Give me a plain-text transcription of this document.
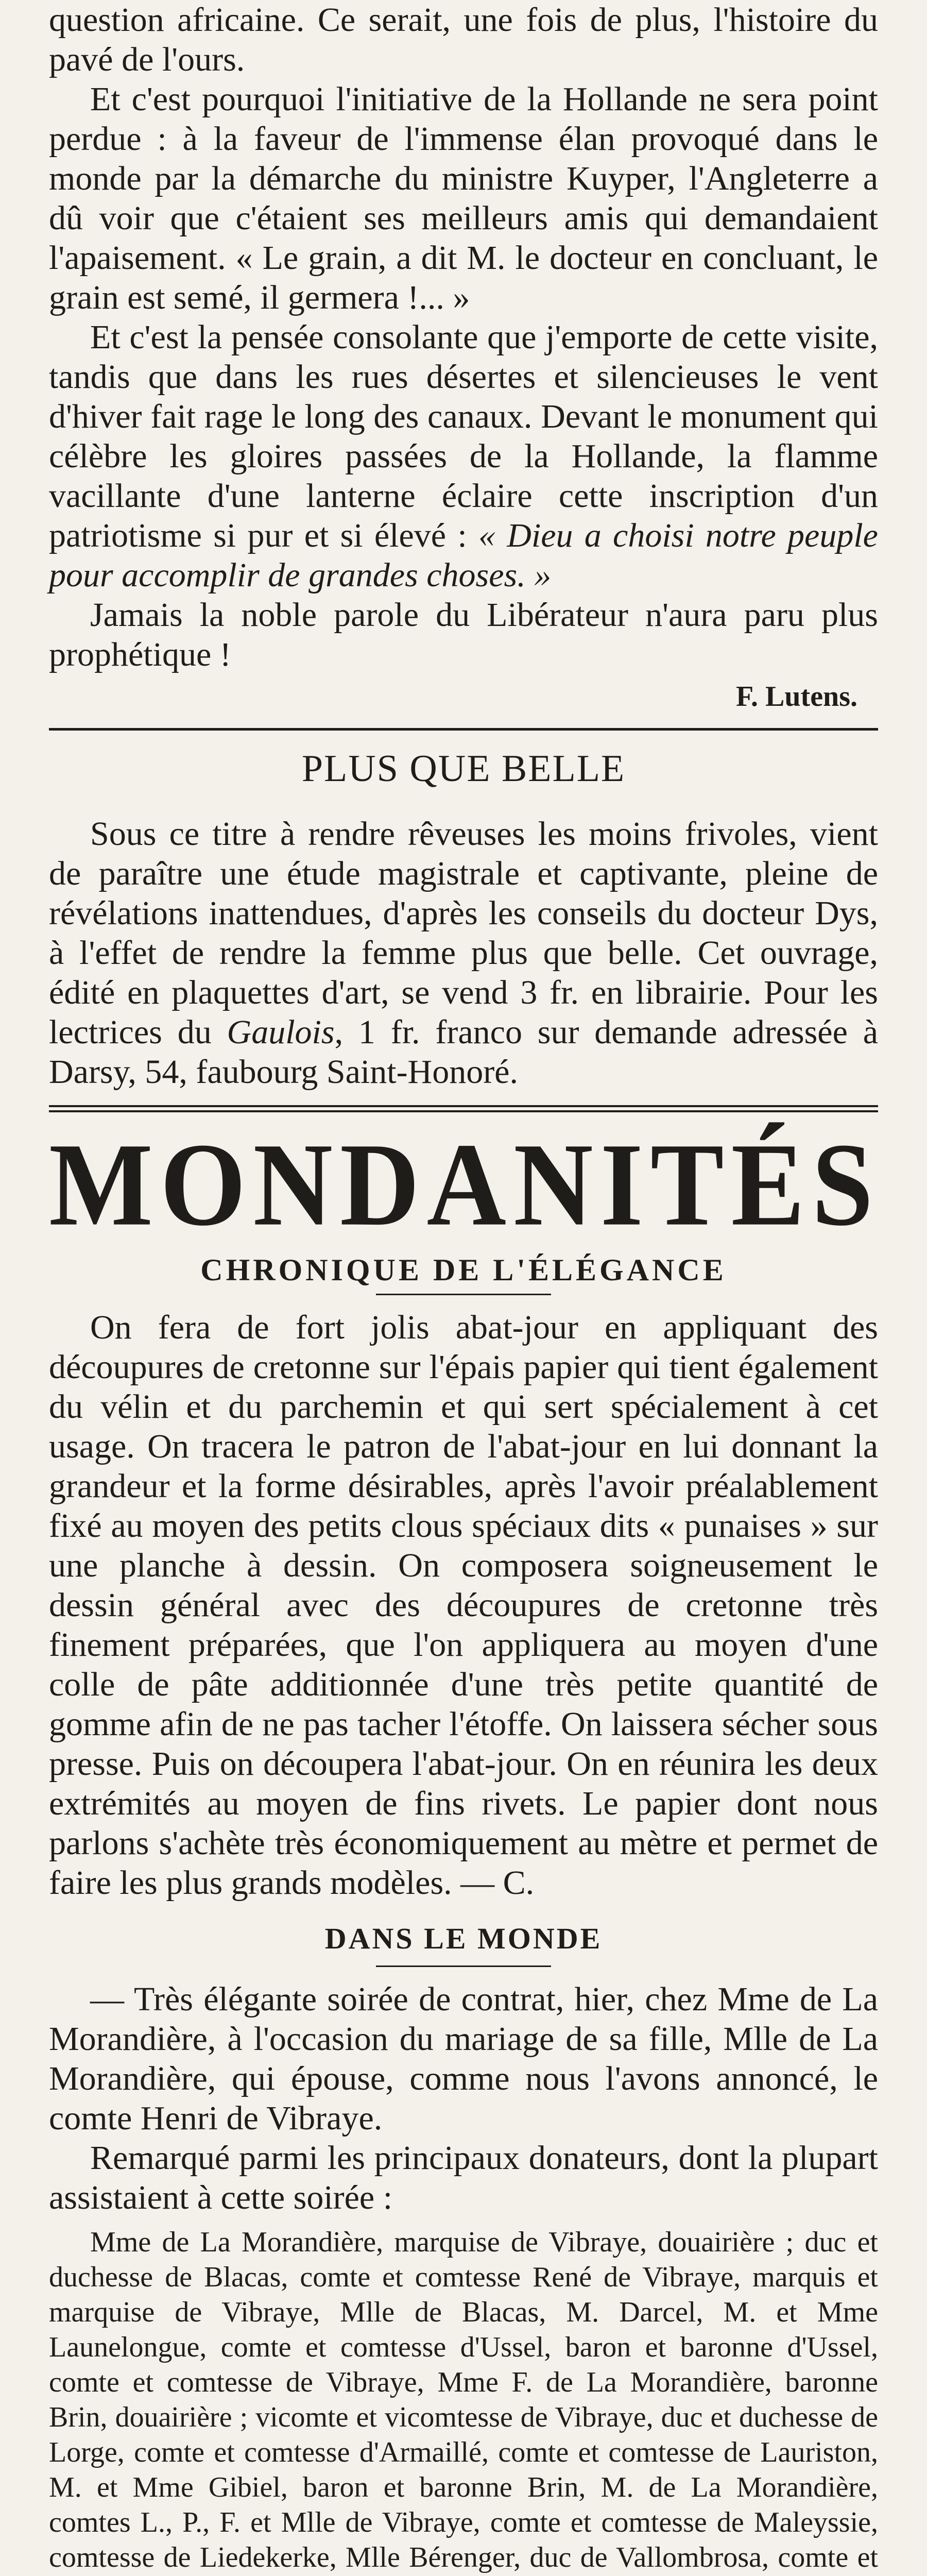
question africaine. Ce serait, une fois de plus, l'histoire du pavé de l'ours.

Et c'est pourquoi l'initiative de la Hollande ne sera point perdue : à la faveur de l'immense élan provoqué dans le monde par la démarche du ministre Kuyper, l'Angleterre a dû voir que c'étaient ses meilleurs amis qui demandaient l'apaisement. « Le grain, a dit M. le docteur en concluant, le grain est semé, il germera !... »

Et c'est la pensée consolante que j'emporte de cette visite, tandis que dans les rues désertes et silencieuses le vent d'hiver fait rage le long des canaux. Devant le monument qui célèbre les gloires passées de la Hollande, la flamme vacillante d'une lanterne éclaire cette inscription d'un patriotisme si pur et si élevé : « Dieu a choisi notre peuple pour accomplir de grandes choses. »

Jamais la noble parole du Libérateur n'aura paru plus prophétique !

F. Lutens.
PLUS QUE BELLE

Sous ce titre à rendre rêveuses les moins frivoles, vient de paraître une étude magistrale et captivante, pleine de révélations inattendues, d'après les conseils du docteur Dys, à l'effet de rendre la femme plus que belle. Cet ouvrage, édité en plaquettes d'art, se vend 3 fr. en librairie. Pour les lectrices du Gaulois, 1 fr. franco sur demande adressée à Darsy, 54, faubourg Saint-Honoré.

MONDANITÉS
CHRONIQUE DE L'ÉLÉGANCE

On fera de fort jolis abat-jour en appliquant des découpures de cretonne sur l'épais papier qui tient également du vélin et du parchemin et qui sert spécialement à cet usage. On tracera le patron de l'abat-jour en lui donnant la grandeur et la forme désirables, après l'avoir préalablement fixé au moyen des petits clous spéciaux dits « punaises » sur une planche à dessin. On composera soigneusement le dessin général avec des découpures de cretonne très finement préparées, que l'on appliquera au moyen d'une colle de pâte additionnée d'une très petite quantité de gomme afin de ne pas tacher l'étoffe. On laissera sécher sous presse. Puis on découpera l'abat-jour. On en réunira les deux extrémités au moyen de fins rivets. Le papier dont nous parlons s'achète très économiquement au mètre et permet de faire les plus grands modèles. — C.

DANS LE MONDE

— Très élégante soirée de contrat, hier, chez Mme de La Morandière, à l'occasion du mariage de sa fille, Mlle de La Morandière, qui épouse, comme nous l'avons annoncé, le comte Henri de Vibraye.

Remarqué parmi les principaux donateurs, dont la plupart assistaient à cette soirée :

Mme de La Morandière, marquise de Vibraye, douairière ; duc et duchesse de Blacas, comte et comtesse René de Vibraye, marquis et marquise de Vibraye, Mlle de Blacas, M. Darcel, M. et Mme Launelongue, comte et comtesse d'Ussel, baron et baronne d'Ussel, comte et comtesse de Vibraye, Mme F. de La Morandière, baronne Brin, douairière ; vicomte et vicomtesse de Vibraye, duc et duchesse de Lorge, comte et comtesse d'Armaillé, comte et comtesse de Lauriston, M. et Mme Gibiel, baron et baronne Brin, M. de La Morandière, comtes L., P., F. et Mlle de Vibraye, comte et comtesse de Maleyssie, comtesse de Liedekerke, Mlle Bérenger, duc de Vallombrosa, comte et
